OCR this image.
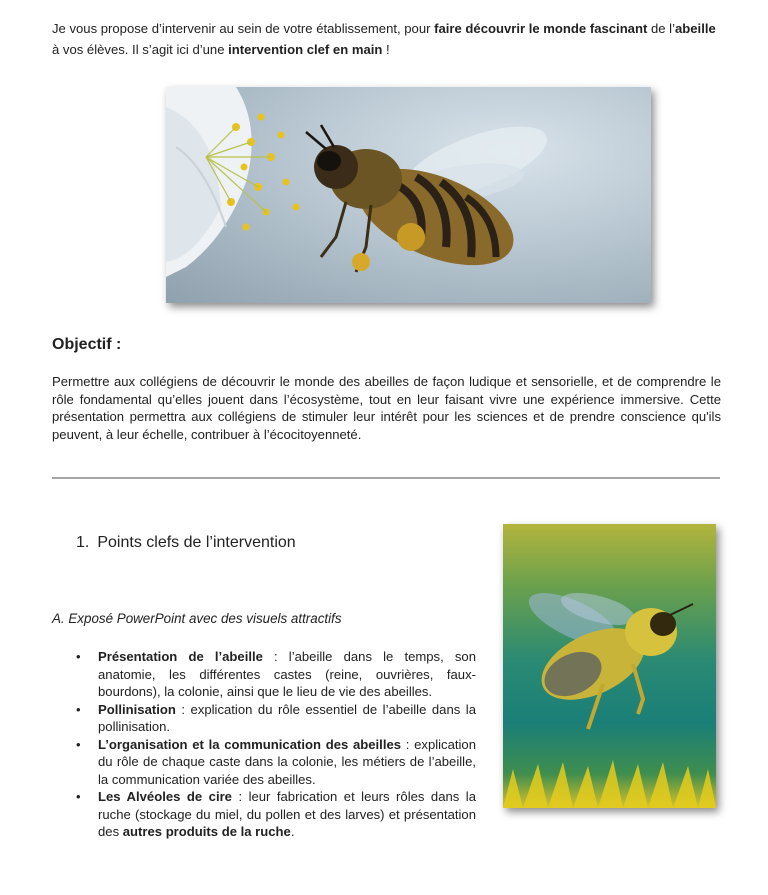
Je vous propose d’intervenir au sein de votre établissement, pour faire découvrir le monde fascinant de l’abeille à vos élèves. Il s’agit ici d’une intervention clef en main !

Objectif :

Permettre aux collégiens de découvrir le monde des abeilles de façon ludique et sensorielle, et de comprendre le rôle fondamental qu’elles jouent dans l’écosystème, tout en leur faisant vivre une expérience immersive. Cette présentation permettra aux collégiens de stimuler leur intérêt pour les sciences et de prendre conscience qu'ils peuvent, à leur échelle, contribuer à l’écocitoyenneté.

1. Points clefs de l’intervention
A. Exposé PowerPoint avec des visuels attractifs
• Présentation de l’abeille : l’abeille dans le temps, son anatomie, les différentes castes (reine, ouvrières, faux-bourdons), la colonie, ainsi que le lieu de vie des abeilles.
• Pollinisation : explication du rôle essentiel de l’abeille dans la pollinisation.
• L’organisation et la communication des abeilles : explication du rôle de chaque caste dans la colonie, les métiers de l’abeille, la communication variée des abeilles.
• Les Alvéoles de cire : leur fabrication et leurs rôles dans la ruche (stockage du miel, du pollen et des larves) et présentation des autres produits de la ruche.
